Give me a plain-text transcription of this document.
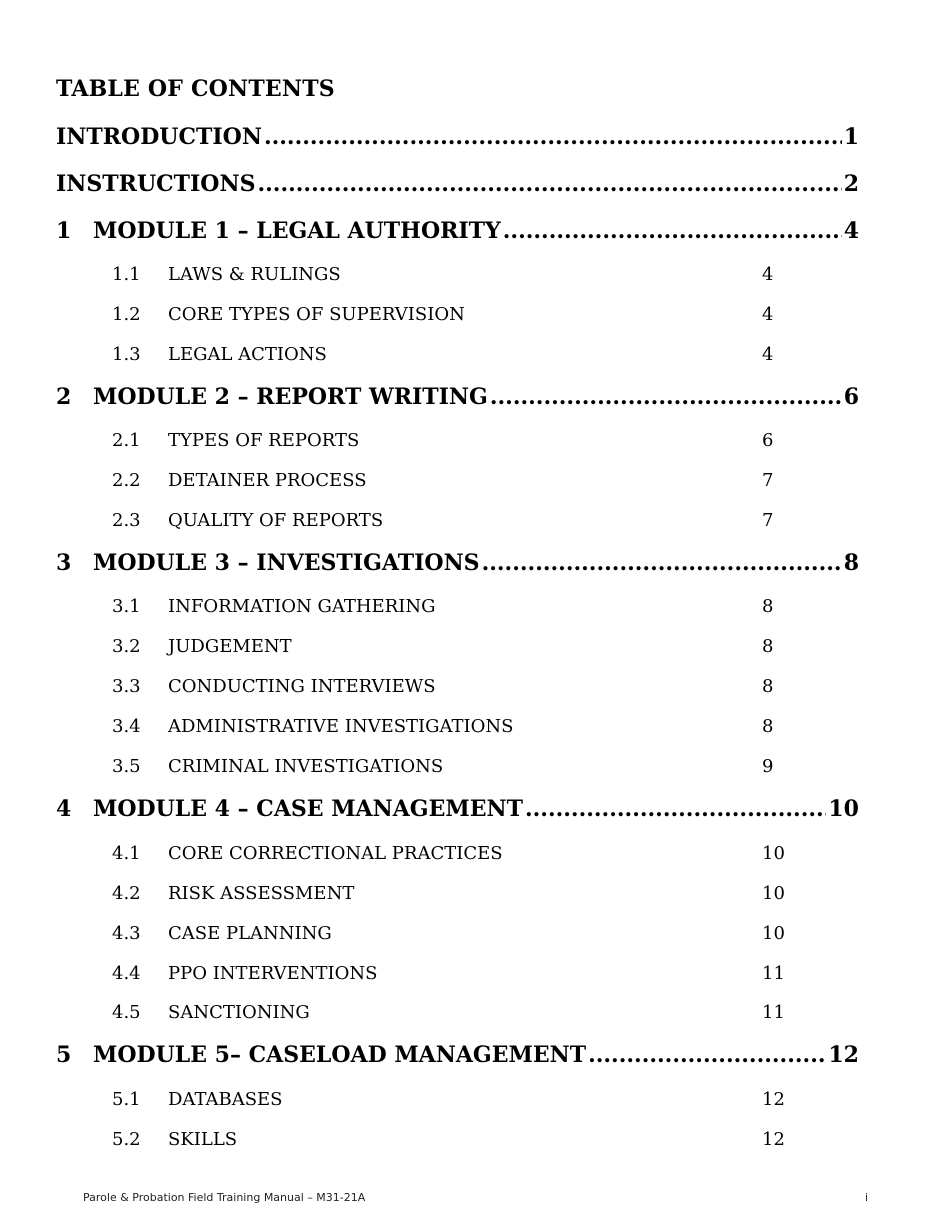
TABLE OF CONTENTS
INTRODUCTION .....	1
INSTRUCTIONS .....	2
1 MODULE 1 – LEGAL AUTHORITY .....	4
1.1 LAWS & RULINGS	4
1.2 CORE TYPES OF SUPERVISION	4
1.3 LEGAL ACTIONS	4
2 MODULE 2 – REPORT WRITING .....	6
2.1 TYPES OF REPORTS	6
2.2 DETAINER PROCESS	7
2.3 QUALITY OF REPORTS	7
3 MODULE 3 – INVESTIGATIONS .....	8
3.1 INFORMATION GATHERING	8
3.2 JUDGEMENT	8
3.3 CONDUCTING INTERVIEWS	8
3.4 ADMINISTRATIVE INVESTIGATIONS	8
3.5 CRIMINAL INVESTIGATIONS	9
4 MODULE 4 – CASE MANAGEMENT .....	10
4.1 CORE CORRECTIONAL PRACTICES	10
4.2 RISK ASSESSMENT	10
4.3 CASE PLANNING	10
4.4 PPO INTERVENTIONS	11
4.5 SANCTIONING	11
5 MODULE 5– CASELOAD MANAGEMENT .....	12
5.1 DATABASES	12
5.2 SKILLS	12
Parole & Probation Field Training Manual – M31-21A	i
